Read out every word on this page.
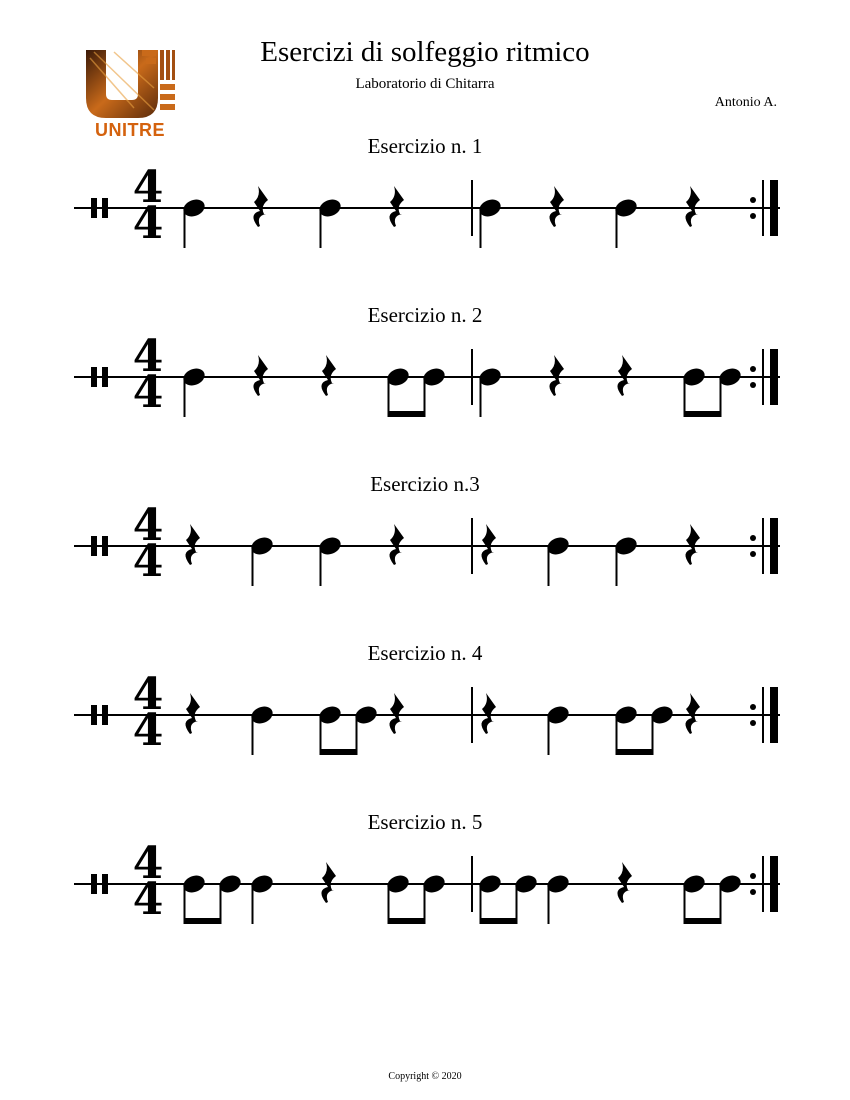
UNITRE
Esercizi di solfeggio ritmico
Laboratorio di Chitarra
Antonio A.
Esercizio n. 1
Esercizio n. 2
Esercizio n.3
Esercizio n. 4
Esercizio n. 5
4
4
4
4
4
4
4
4
4
4
Copyright © 2020
